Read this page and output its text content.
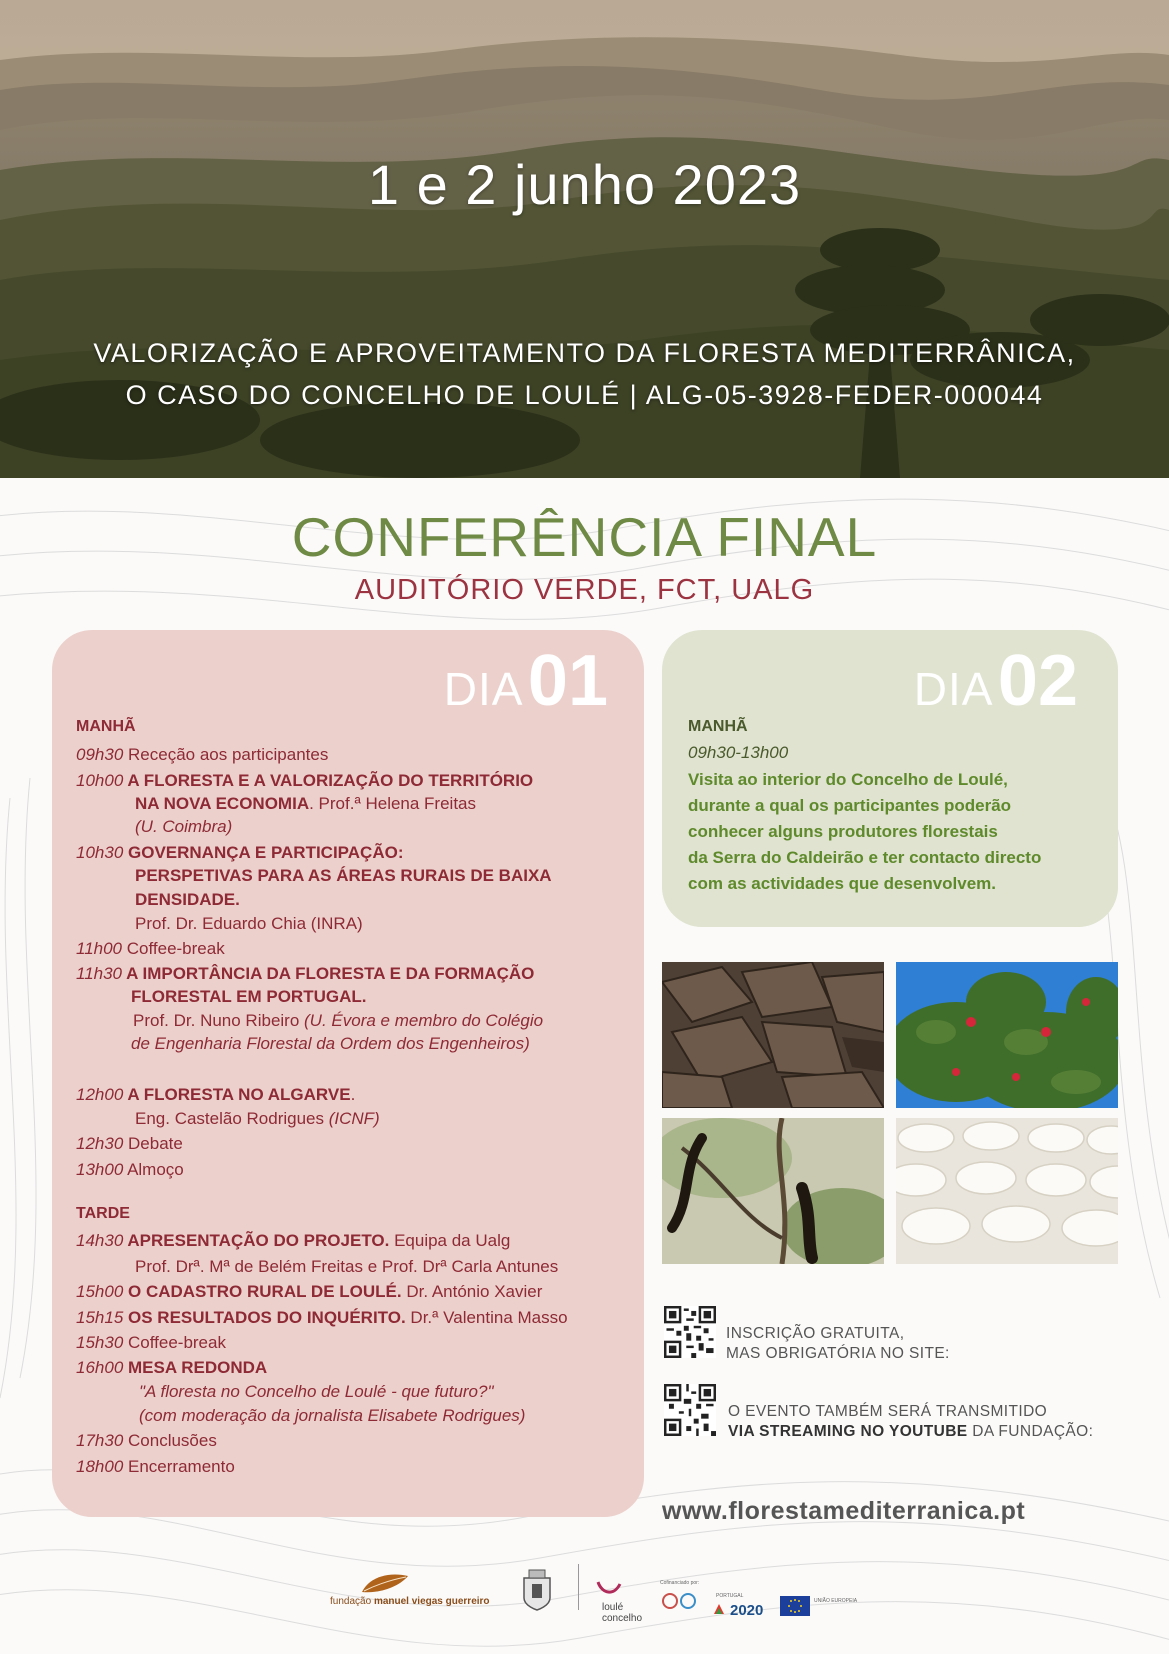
1 e 2 junho 2023
VALORIZAÇÃO E APROVEITAMENTO DA FLORESTA MEDITERRÂNICA,
O CASO DO CONCELHO DE LOULÉ | ALG-05-3928-FEDER-000044
CONFERÊNCIA FINAL
AUDITÓRIO VERDE, FCT, UALG
DIA 01
MANHÃ
09h30 Receção aos participantes
10h00 A FLORESTA E A VALORIZAÇÃO DO TERRITÓRIO
NA NOVA ECONOMIA. Prof.ª Helena Freitas
(U. Coimbra)
10h30 GOVERNANÇA E PARTICIPAÇÃO:
PERSPETIVAS PARA AS ÁREAS RURAIS DE BAIXA
DENSIDADE.
Prof. Dr. Eduardo Chia (INRA)
11h00 Coffee-break
11h30 A IMPORTÂNCIA DA FLORESTA E DA FORMAÇÃO
FLORESTAL EM PORTUGAL.
Prof. Dr. Nuno Ribeiro (U. Évora e membro do Colégio
de Engenharia Florestal da Ordem dos Engenheiros)
12h00 A FLORESTA NO ALGARVE.
Eng. Castelão Rodrigues (ICNF)
12h30 Debate
13h00 Almoço
TARDE
14h30 APRESENTAÇÃO DO PROJETO. Equipa da Ualg
Prof. Drª. Mª de Belém Freitas e Prof. Drª Carla Antunes
15h00 O CADASTRO RURAL DE LOULÉ. Dr. António Xavier
15h15 OS RESULTADOS DO INQUÉRITO. Dr.ª Valentina Masso
15h30 Coffee-break
16h00 MESA REDONDA
"A floresta no Concelho de Loulé - que futuro?"
(com moderação da jornalista Elisabete Rodrigues)
17h30 Conclusões
18h00 Encerramento
DIA 02
MANHÃ
09h30-13h00
Visita ao interior do Concelho de Loulé,
durante a qual os participantes poderão
conhecer alguns produtores florestais
da Serra do Caldeirão e ter contacto directo
com as actividades que desenvolvem.
INSCRIÇÃO GRATUITA,
MAS OBRIGATÓRIA NO SITE:
O EVENTO TAMBÉM SERÁ TRANSMITIDO
VIA STREAMING NO YOUTUBE DA FUNDAÇÃO:
www.florestamediterranica.pt
fundação manuel viegas guerreiro
loulé
concelho
Cofinanciado por:
PORTUGAL
2020
UNIÃO EUROPEIA
